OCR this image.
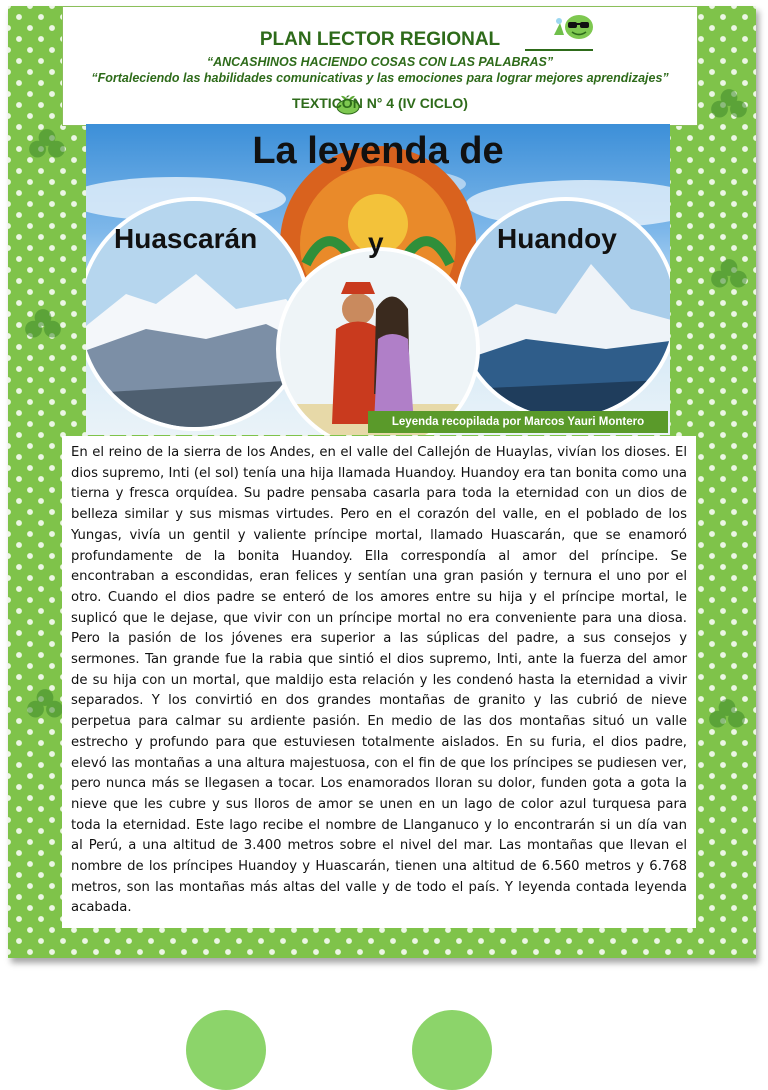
PLAN LECTOR REGIONAL
“ANCASHINOS HACIENDO COSAS CON LAS PALABRAS”
“Fortaleciendo las habilidades comunicativas y las emociones para lograr mejores aprendizajes”
TEXTICÓN N° 4 (IV CICLO)
La leyenda de
Huascarán	y	Huandoy
Leyenda recopilada por Marcos Yauri Montero

En el reino de la sierra de los Andes, en el valle del Callejón de Huaylas, vivían los dioses. El dios supremo, Inti (el sol) tenía una hija llamada Huandoy. Huandoy era tan bonita como una tierna y fresca orquídea. Su padre pensaba casarla para toda la eternidad con un dios de belleza similar y sus mismas virtudes. Pero en el corazón del valle, en el poblado de los Yungas, vivía un gentil y valiente príncipe mortal, llamado Huascarán, que se enamoró profundamente de la bonita Huandoy. Ella correspondía al amor del príncipe. Se encontraban a escondidas, eran felices y sentían una gran pasión y ternura el uno por el otro. Cuando el dios padre se enteró de los amores entre su hija y el príncipe mortal, le suplicó que le dejase, que vivir con un príncipe mortal no era conveniente para una diosa. Pero la pasión de los jóvenes era superior a las súplicas del padre, a sus consejos y sermones. Tan grande fue la rabia que sintió el dios supremo, Inti, ante la fuerza del amor de su hija con un mortal, que maldijo esta relación y les condenó hasta la eternidad a vivir separados. Y los convirtió en dos grandes montañas de granito y las cubrió de nieve perpetua para calmar su ardiente pasión. En medio de las dos montañas situó un valle estrecho y profundo para que estuviesen totalmente aislados. En su furia, el dios padre, elevó las montañas a una altura majestuosa, con el fin de que los príncipes se pudiesen ver, pero nunca más se llegasen a tocar. Los enamorados lloran su dolor, funden gota a gota la nieve que les cubre y sus lloros de amor se unen en un lago de color azul turquesa para toda la eternidad. Este lago recibe el nombre de Llanganuco y lo encontrarán si un día van al Perú, a una altitud de 3.400 metros sobre el nivel del mar. Las montañas que llevan el nombre de los príncipes Huandoy y Huascarán, tienen una altitud de 6.560 metros y 6.768 metros, son las montañas más altas del valle y de todo el país. Y leyenda contada leyenda acabada.
